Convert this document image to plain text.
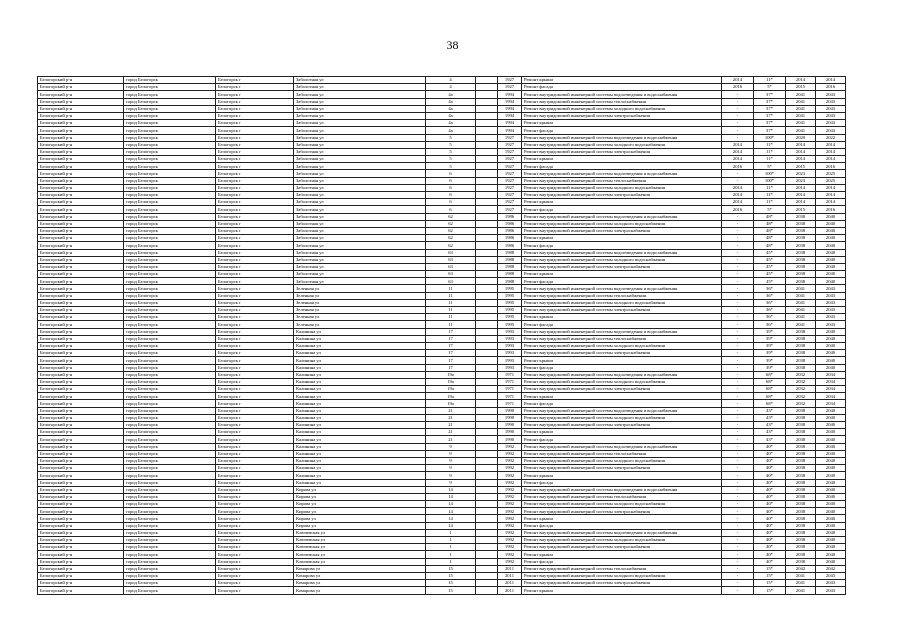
38
Белогорский р-н	город Белогорск	Белогорск г	Заболотная ул	4		1927	Ремонт крыши	2014	11*	2014	2014
Белогорский р-н	город Белогорск	Белогорск г	Заболотная ул	4		1927	Ремонт фасада	2016	5*	2015	2016
Белогорский р-н	город Белогорск	Белогорск г	Заболотная ул	4а		1994	Ремонт внутридомовой инженерной системы водоотведения и водоснабжения	-	37*	2041	2043
Белогорский р-н	город Белогорск	Белогорск г	Заболотная ул	4а		1994	Ремонт внутридомовой инженерной системы теплоснабжения	-	37*	2041	2043
Белогорский р-н	город Белогорск	Белогорск г	Заболотная ул	4а		1994	Ремонт внутридомовой инженерной системы холодного водоснабжения	-	37*	2041	2043
Белогорский р-н	город Белогорск	Белогорск г	Заболотная ул	4а		1994	Ремонт внутридомовой инженерной системы электроснабжения	-	37*	2041	2043
Белогорский р-н	город Белогорск	Белогорск г	Заболотная ул	4а		1994	Ремонт крыши	-	37*	2041	2043
Белогорский р-н	город Белогорск	Белогорск г	Заболотная ул	4а		1994	Ремонт фасада	-	37*	2041	2043
Белогорский р-н	город Белогорск	Белогорск г	Заболотная ул	5		1927	Ремонт внутридомовой инженерной системы водоотведения и водоснабжения	-	100*	2020	2022
Белогорский р-н	город Белогорск	Белогорск г	Заболотная ул	5		1927	Ремонт внутридомовой инженерной системы холодного водоснабжения	2014	11*	2014	2014
Белогорский р-н	город Белогорск	Белогорск г	Заболотная ул	5		1927	Ремонт внутридомовой инженерной системы электроснабжения	2014	11*	2014	2014
Белогорский р-н	город Белогорск	Белогорск г	Заболотная ул	5		1927	Ремонт крыши	2014	11*	2014	2014
Белогорский р-н	город Белогорск	Белогорск г	Заболотная ул	5		1927	Ремонт фасада	2016	5*	2015	2016
Белогорский р-н	город Белогорск	Белогорск г	Заболотная ул	6		1927	Ремонт внутридомовой инженерной системы водоотведения и водоснабжения	-	100*	2023	2025
Белогорский р-н	город Белогорск	Белогорск г	Заболотная ул	6		1927	Ремонт внутридомовой инженерной системы теплоснабжения	-	100*	2023	2025
Белогорский р-н	город Белогорск	Белогорск г	Заболотная ул	6		1927	Ремонт внутридомовой инженерной системы холодного водоснабжения	2014	11*	2014	2014
Белогорский р-н	город Белогорск	Белогорск г	Заболотная ул	6		1927	Ремонт внутридомовой инженерной системы электроснабжения	2014	11*	2014	2014
Белогорский р-н	город Белогорск	Белогорск г	Заболотная ул	6		1927	Ремонт крыши	2014	11*	2014	2014
Белогорский р-н	город Белогорск	Белогорск г	Заболотная ул	6		1927	Ремонт фасада	2016	5*	2015	2016
Белогорский р-н	город Белогорск	Белогорск г	Заболотная ул	62		1986	Ремонт внутридомовой инженерной системы водоотведения и водоснабжения	-	48*	2038	2040
Белогорский р-н	город Белогорск	Белогорск г	Заболотная ул	62		1986	Ремонт внутридомовой инженерной системы холодного водоснабжения	-	48*	2038	2040
Белогорский р-н	город Белогорск	Белогорск г	Заболотная ул	62		1986	Ремонт внутридомовой инженерной системы электроснабжения	-	48*	2038	2040
Белогорский р-н	город Белогорск	Белогорск г	Заболотная ул	62		1986	Ремонт крыши	-	48*	2038	2040
Белогорский р-н	город Белогорск	Белогорск г	Заболотная ул	62		1986	Ремонт фасада	-	48*	2038	2040
Белогорский р-н	город Белогорск	Белогорск г	Заболотная ул	63		1988	Ремонт внутридомовой инженерной системы водоотведения и водоснабжения	-	45*	2038	2040
Белогорский р-н	город Белогорск	Белогорск г	Заболотная ул	63		1988	Ремонт внутридомовой инженерной системы холодного водоснабжения	-	45*	2038	2040
Белогорский р-н	город Белогорск	Белогорск г	Заболотная ул	63		1988	Ремонт внутридомовой инженерной системы электроснабжения	-	45*	2038	2040
Белогорский р-н	город Белогорск	Белогорск г	Заболотная ул	63		1988	Ремонт крыши	-	45*	2038	2040
Белогорский р-н	город Белогорск	Белогорск г	Заболотная ул	63		1988	Ремонт фасада	-	45*	2038	2040
Белогорский р-н	город Белогорск	Белогорск г	Зеленная ул	11		1995	Ремонт внутридомовой инженерной системы водоотведения и водоснабжения	-	36*	2041	2043
Белогорский р-н	город Белогорск	Белогорск г	Зеленная ул	11		1995	Ремонт внутридомовой инженерной системы теплоснабжения	-	36*	2041	2043
Белогорский р-н	город Белогорск	Белогорск г	Зеленная ул	11		1995	Ремонт внутридомовой инженерной системы холодного водоснабжения	-	36*	2041	2043
Белогорский р-н	город Белогорск	Белогорск г	Зеленная ул	11		1995	Ремонт внутридомовой инженерной системы электроснабжения	-	36*	2041	2043
Белогорский р-н	город Белогорск	Белогорск г	Зеленная ул	11		1995	Ремонт крыши	-	36*	2041	2043
Белогорский р-н	город Белогорск	Белогорск г	Зеленная ул	11		1995	Ремонт фасада	-	36*	2041	2043
Белогорский р-н	город Белогорск	Белогорск г	Калинина ул	17		1993	Ремонт внутридомовой инженерной системы водоотведения и водоснабжения	-	39*	2038	2040
Белогорский р-н	город Белогорск	Белогорск г	Калинина ул	17		1993	Ремонт внутридомовой инженерной системы теплоснабжения	-	39*	2038	2040
Белогорский р-н	город Белогорск	Белогорск г	Калинина ул	17		1993	Ремонт внутридомовой инженерной системы холодного водоснабжения	-	39*	2038	2040
Белогорский р-н	город Белогорск	Белогорск г	Калинина ул	17		1993	Ремонт внутридомовой инженерной системы электроснабжения	-	39*	2038	2040
Белогорский р-н	город Белогорск	Белогорск г	Калинина ул	17		1993	Ремонт крыши	-	39*	2038	2040
Белогорский р-н	город Белогорск	Белогорск г	Калинина ул	17		1993	Ремонт фасада	-	39*	2038	2040
Белогорский р-н	город Белогорск	Белогорск г	Калинина ул	19а		1971	Ремонт внутридомовой инженерной системы водоотведения и водоснабжения	-	68*	2032	2034
Белогорский р-н	город Белогорск	Белогорск г	Калинина ул	19а		1971	Ремонт внутридомовой инженерной системы холодного водоснабжения	-	68*	2032	2034
Белогорский р-н	город Белогорск	Белогорск г	Калинина ул	19а		1971	Ремонт внутридомовой инженерной системы электроснабжения	-	68*	2032	2034
Белогорский р-н	город Белогорск	Белогорск г	Калинина ул	19а		1971	Ремонт крыши	-	68*	2032	2034
Белогорский р-н	город Белогорск	Белогорск г	Калинина ул	19а		1971	Ремонт фасада	-	68*	2032	2034
Белогорский р-н	город Белогорск	Белогорск г	Калинина ул	21		1990	Ремонт внутридомовой инженерной системы водоотведения и водоснабжения	-	43*	2038	2040
Белогорский р-н	город Белогорск	Белогорск г	Калинина ул	21		1990	Ремонт внутридомовой инженерной системы холодного водоснабжения	-	43*	2038	2040
Белогорский р-н	город Белогорск	Белогорск г	Калинина ул	21		1990	Ремонт внутридомовой инженерной системы электроснабжения	-	43*	2038	2040
Белогорский р-н	город Белогорск	Белогорск г	Калинина ул	21		1990	Ремонт крыши	-	43*	2038	2040
Белогорский р-н	город Белогорск	Белогорск г	Калинина ул	21		1990	Ремонт фасада	-	43*	2038	2040
Белогорский р-н	город Белогорск	Белогорск г	Калинина ул	9		1992	Ремонт внутридомовой инженерной системы водоотведения и водоснабжения	-	40*	2038	2040
Белогорский р-н	город Белогорск	Белогорск г	Калинина ул	9		1992	Ремонт внутридомовой инженерной системы теплоснабжения	-	40*	2038	2040
Белогорский р-н	город Белогорск	Белогорск г	Калинина ул	9		1992	Ремонт внутридомовой инженерной системы холодного водоснабжения	-	40*	2038	2040
Белогорский р-н	город Белогорск	Белогорск г	Калинина ул	9		1992	Ремонт внутридомовой инженерной системы электроснабжения	-	40*	2038	2040
Белогорский р-н	город Белогорск	Белогорск г	Калинина ул	9		1992	Ремонт крыши	-	40*	2038	2040
Белогорский р-н	город Белогорск	Белогорск г	Калинина ул	9		1992	Ремонт фасада	-	40*	2038	2040
Белогорский р-н	город Белогорск	Белогорск г	Кирова ул	14		1992	Ремонт внутридомовой инженерной системы водоотведения и водоснабжения	-	40*	2038	2040
Белогорский р-н	город Белогорск	Белогорск г	Кирова ул	14		1992	Ремонт внутридомовой инженерной системы теплоснабжения	-	40*	2038	2040
Белогорский р-н	город Белогорск	Белогорск г	Кирова ул	14		1992	Ремонт внутридомовой инженерной системы холодного водоснабжения	-	40*	2038	2040
Белогорский р-н	город Белогорск	Белогорск г	Кирова ул	14		1992	Ремонт внутридомовой инженерной системы электроснабжения	-	40*	2038	2040
Белогорский р-н	город Белогорск	Белогорск г	Кирова ул	14		1992	Ремонт крыши	-	40*	2038	2040
Белогорский р-н	город Белогорск	Белогорск г	Кирова ул	14		1992	Ремонт фасада	-	40*	2038	2040
Белогорский р-н	город Белогорск	Белогорск г	Ключевская ул	1		1992	Ремонт внутридомовой инженерной системы водоотведения и водоснабжения	-	40*	2038	2040
Белогорский р-н	город Белогорск	Белогорск г	Ключевская ул	1		1992	Ремонт внутридомовой инженерной системы холодного водоснабжения	-	40*	2038	2040
Белогорский р-н	город Белогорск	Белогорск г	Ключевская ул	1		1992	Ремонт внутридомовой инженерной системы электроснабжения	-	40*	2038	2040
Белогорский р-н	город Белогорск	Белогорск г	Ключевская ул	1		1992	Ремонт крыши	-	40*	2038	2040
Белогорский р-н	город Белогорск	Белогорск г	Ключевская ул	1		1992	Ремонт фасада	-	40*	2038	2040
Белогорский р-н	город Белогорск	Белогорск г	Комарова ул	15		2011	Ремонт внутридомовой инженерной системы теплоснабжения	-	15*	2042	2042
Белогорский р-н	город Белогорск	Белогорск г	Комарова ул	15		2011	Ремонт внутридомовой инженерной системы холодного водоснабжения	-	15*	2041	2043
Белогорский р-н	город Белогорск	Белогорск г	Комарова ул	15		2011	Ремонт внутридомовой инженерной системы электроснабжения	-	15*	2041	2043
Белогорский р-н	город Белогорск	Белогорск г	Комарова ул	15		2011	Ремонт крыши	-	15*	2041	2043
